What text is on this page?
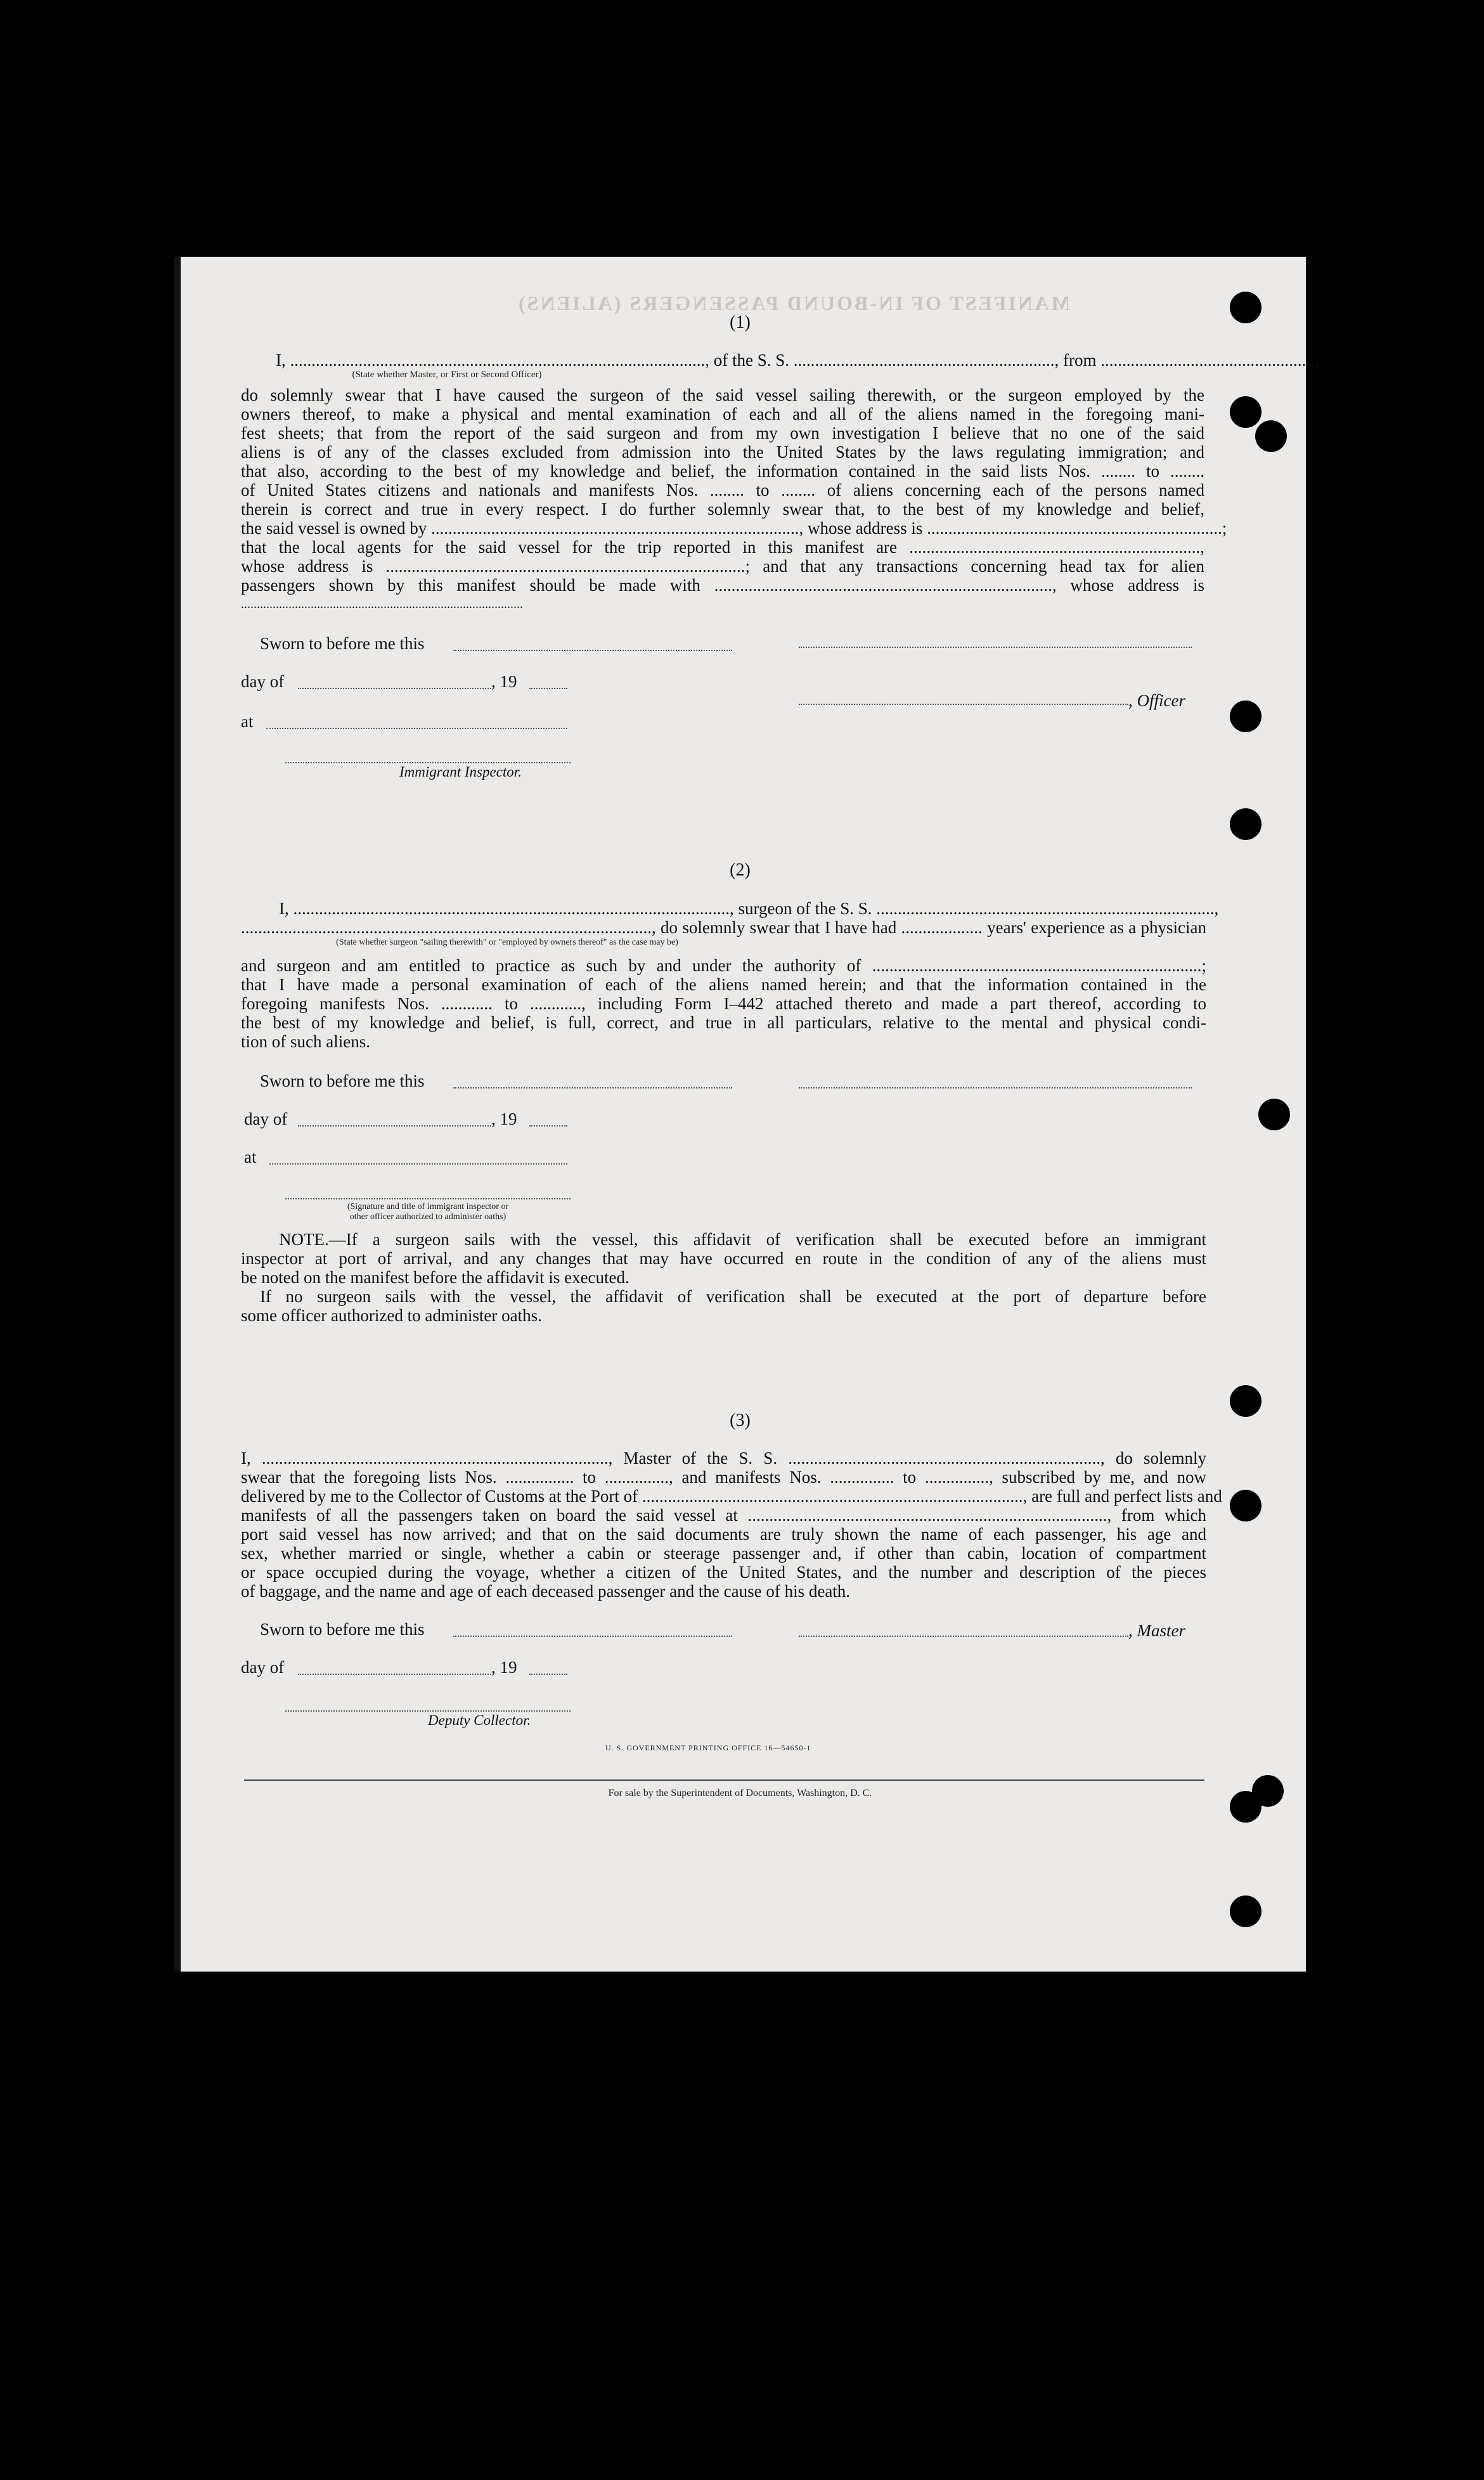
MANIFEST OF IN-BOUND PASSENGERS (ALIENS)
(1)
I, ................................................................................................., of the S. S. ............................................................., from ..................................................,
(State whether Master, or First or Second Officer)
do solemnly swear that I have caused the surgeon of the said vessel sailing therewith, or the surgeon employed by the
owners thereof, to make a physical and mental examination of each and all of the aliens named in the foregoing mani-
fest sheets; that from the report of the said surgeon and from my own investigation I believe that no one of the said
aliens is of any of the classes excluded from admission into the United States by the laws regulating immigration; and
that also, according to the best of my knowledge and belief, the information contained in the said lists Nos. ........ to ........
of United States citizens and nationals and manifests Nos. ........ to ........ of aliens concerning each of the persons named
therein is correct and true in every respect. I do further solemnly swear that, to the best of my knowledge and belief,
the said vessel is owned by ......................................................................................, whose address is .....................................................................;
that the local agents for the said vessel for the trip reported in this manifest are ....................................................................,
whose address is ....................................................................................; and that any transactions concerning head tax for alien
passengers shown by this manifest should be made with ..............................................................................., whose address is
.........................................................................................
Sworn to before me this
day of	, 19
, Officer
at
Immigrant Inspector.
(2)
I, ......................................................................................................, surgeon of the S. S. ...............................................................................,
................................................................................................, do solemnly swear that I have had ................... years' experience as a physician
(State whether surgeon "sailing therewith" or "employed by owners thereof" as the case may be)
and surgeon and am entitled to practice as such by and under the authority of .............................................................................;
that I have made a personal examination of each of the aliens named herein; and that the information contained in the
foregoing manifests Nos. ............ to ............, including Form I–442 attached thereto and made a part thereof, according to
the best of my knowledge and belief, is full, correct, and true in all particulars, relative to the mental and physical condi-
tion of such aliens.
Sworn to before me this
day of	, 19
at
(Signature and title of immigrant inspector or
other officer authorized to administer oaths)
NOTE.—If a surgeon sails with the vessel, this affidavit of verification shall be executed before an immigrant
inspector at port of arrival, and any changes that may have occurred en route in the condition of any of the aliens must
be noted on the manifest before the affidavit is executed.
If no surgeon sails with the vessel, the affidavit of verification shall be executed at the port of departure before
some officer authorized to administer oaths.
(3)
I, ................................................................................., Master of the S. S. ........................................................................., do solemnly
swear that the foregoing lists Nos. ................ to ..............., and manifests Nos. ............... to ..............., subscribed by me, and now
delivered by me to the Collector of Customs at the Port of ........................................................................................., are full and perfect lists and
manifests of all the passengers taken on board the said vessel at ...................................................................................., from which
port said vessel has now arrived; and that on the said documents are truly shown the name of each passenger, his age and
sex, whether married or single, whether a cabin or steerage passenger and, if other than cabin, location of compartment
or space occupied during the voyage, whether a citizen of the United States, and the number and description of the pieces
of baggage, and the name and age of each deceased passenger and the cause of his death.
Sworn to before me this	, Master
day of	, 19
Deputy Collector.
U. S. GOVERNMENT PRINTING OFFICE 16—54650-1
For sale by the Superintendent of Documents, Washington, D. C.
